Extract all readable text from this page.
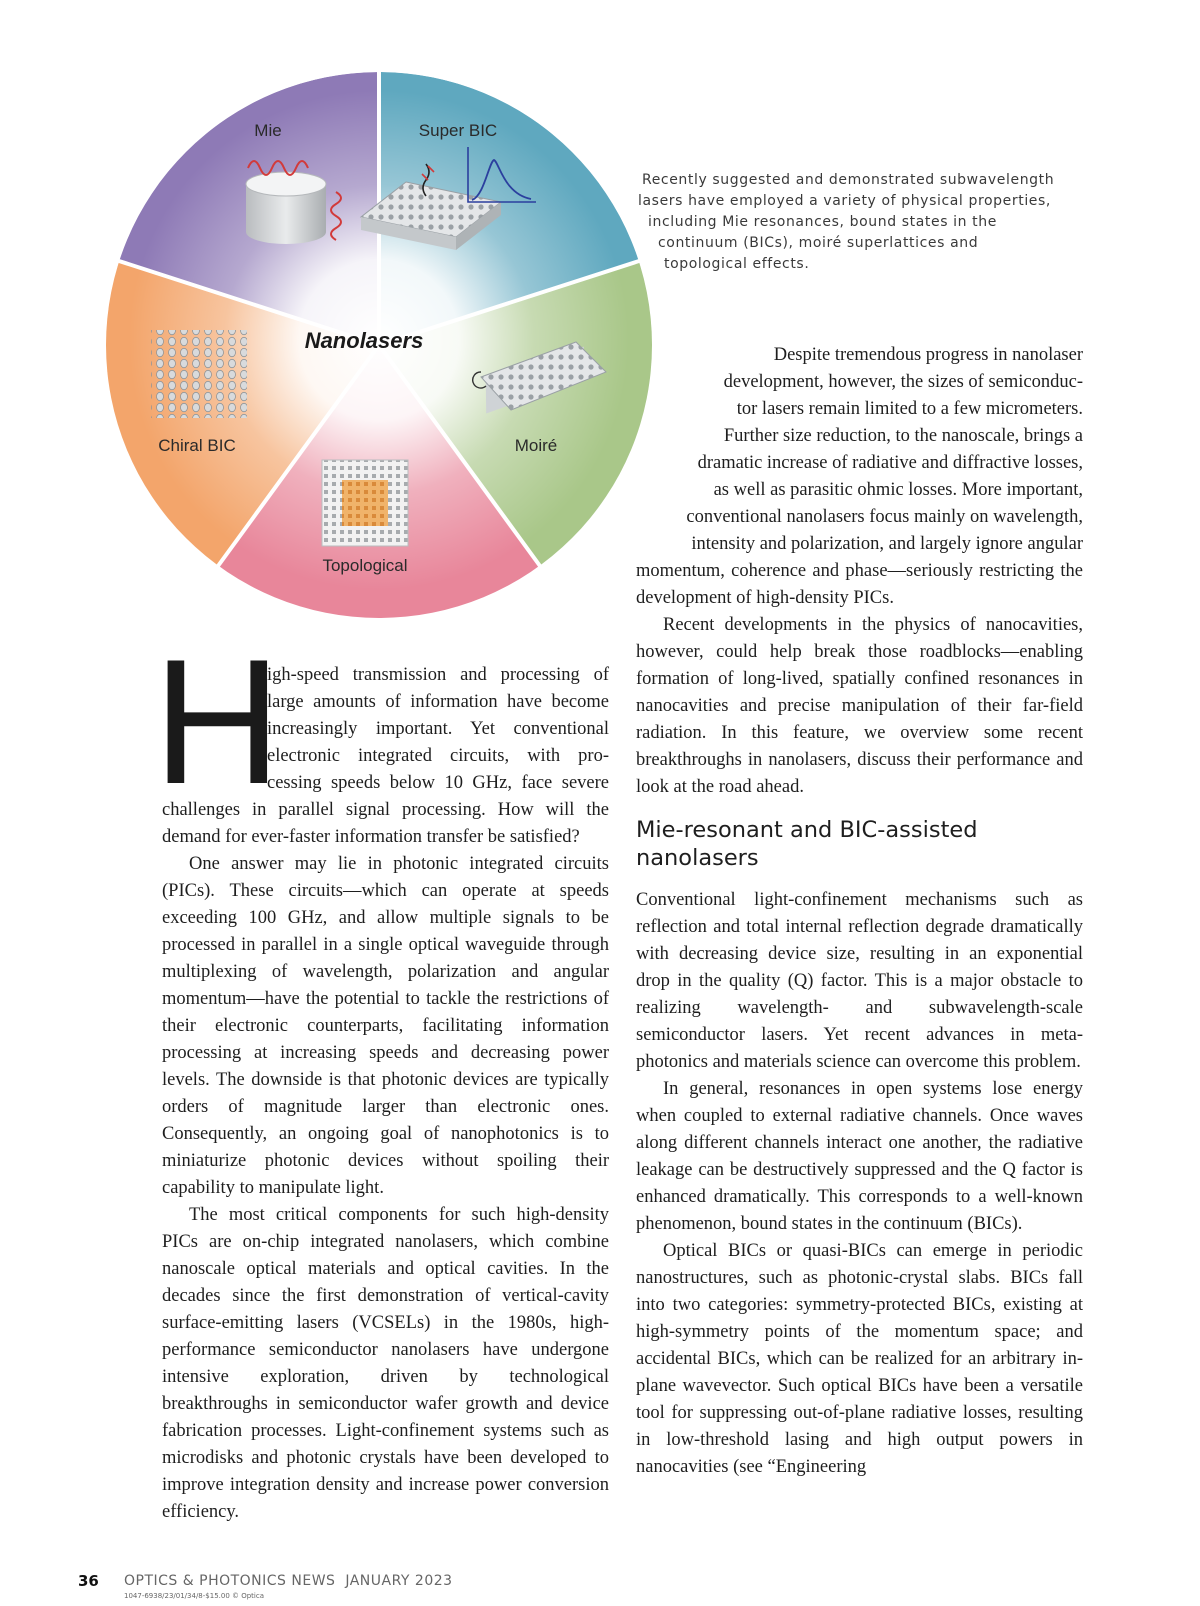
Mie	Super BIC
Moiré
Topological
Chiral BIC
Nanolasers
Recently suggested and demonstrated subwavelength
lasers have employed a variety of physical properties,
including Mie resonances, bound states in the
continuum (BICs), moiré superlattices and
topological effects.
H
igh-speed transmission and processing of
large amounts of information have become
increasingly important. Yet conventional
electronic integrated circuits, with pro-
cessing speeds below 10 GHz, face severe

challenges in parallel signal processing. How will the demand for ever-faster information transfer be satisfied?

One answer may lie in photonic integrated circuits (PICs). These circuits—which can operate at speeds exceeding 100 GHz, and allow multiple signals to be processed in parallel in a single optical waveguide through multiplexing of wavelength, polarization and angular momentum—have the potential to tackle the restrictions of their electronic counterparts, facilitating information processing at increasing speeds and decreasing power levels. The downside is that photonic devices are typically orders of magnitude larger than electronic ones. Consequently, an ongoing goal of nanophotonics is to miniaturize photonic devices without spoiling their capability to manipulate light.

The most critical components for such high-density PICs are on-chip integrated nanolasers, which combine nanoscale optical materials and optical cavities. In the decades since the first demonstration of vertical-cavity surface-emitting lasers (VCSELs) in the 1980s, high-performance semiconductor nanolasers have undergone intensive exploration, driven by technological breakthroughs in semiconductor wafer growth and device fabrication processes. Light-confinement systems such as microdisks and photonic crystals have been developed to improve integration density and increase power conversion efficiency.

Despite tremendous progress in nanolaser
development, however, the sizes of semiconduc-
tor lasers remain limited to a few micrometers.
Further size reduction, to the nanoscale, brings a
dramatic increase of radiative and diffractive losses,
as well as parasitic ohmic losses. More important,
conventional nanolasers focus mainly on wavelength,
intensity and polarization, and largely ignore angular

momentum, coherence and phase—seriously restricting the development of high-density PICs.

Recent developments in the physics of nanocavities, however, could help break those roadblocks—enabling formation of long-lived, spatially confined resonances in nanocavities and precise manipulation of their far-field radiation. In this feature, we overview some recent breakthroughs in nanolasers, discuss their performance and look at the road ahead.

Mie-resonant and BIC-assisted nanolasers

Conventional light-confinement mechanisms such as reflection and total internal reflection degrade dramatically with decreasing device size, resulting in an exponential drop in the quality (Q) factor. This is a major obstacle to realizing wavelength- and subwavelength-scale semiconductor lasers. Yet recent advances in meta-photonics and materials science can overcome this problem.

In general, resonances in open systems lose energy when coupled to external radiative channels. Once waves along different channels interact one another, the radiative leakage can be destructively suppressed and the Q factor is enhanced dramatically. This corresponds to a well-known phenomenon, bound states in the continuum (BICs).

Optical BICs or quasi-BICs can emerge in periodic nanostructures, such as photonic-crystal slabs. BICs fall into two categories: symmetry-protected BICs, existing at high-symmetry points of the momentum space; and accidental BICs, which can be realized for an arbitrary in-plane wavevector. Such optical BICs have been a versatile tool for suppressing out-of-plane radiative losses, resulting in low-threshold lasing and high output powers in nanocavities (see “Engineering

36 OPTICS & PHOTONICS NEWS  JANUARY 2023
1047-6938/23/01/34/8-$15.00 © Optica
